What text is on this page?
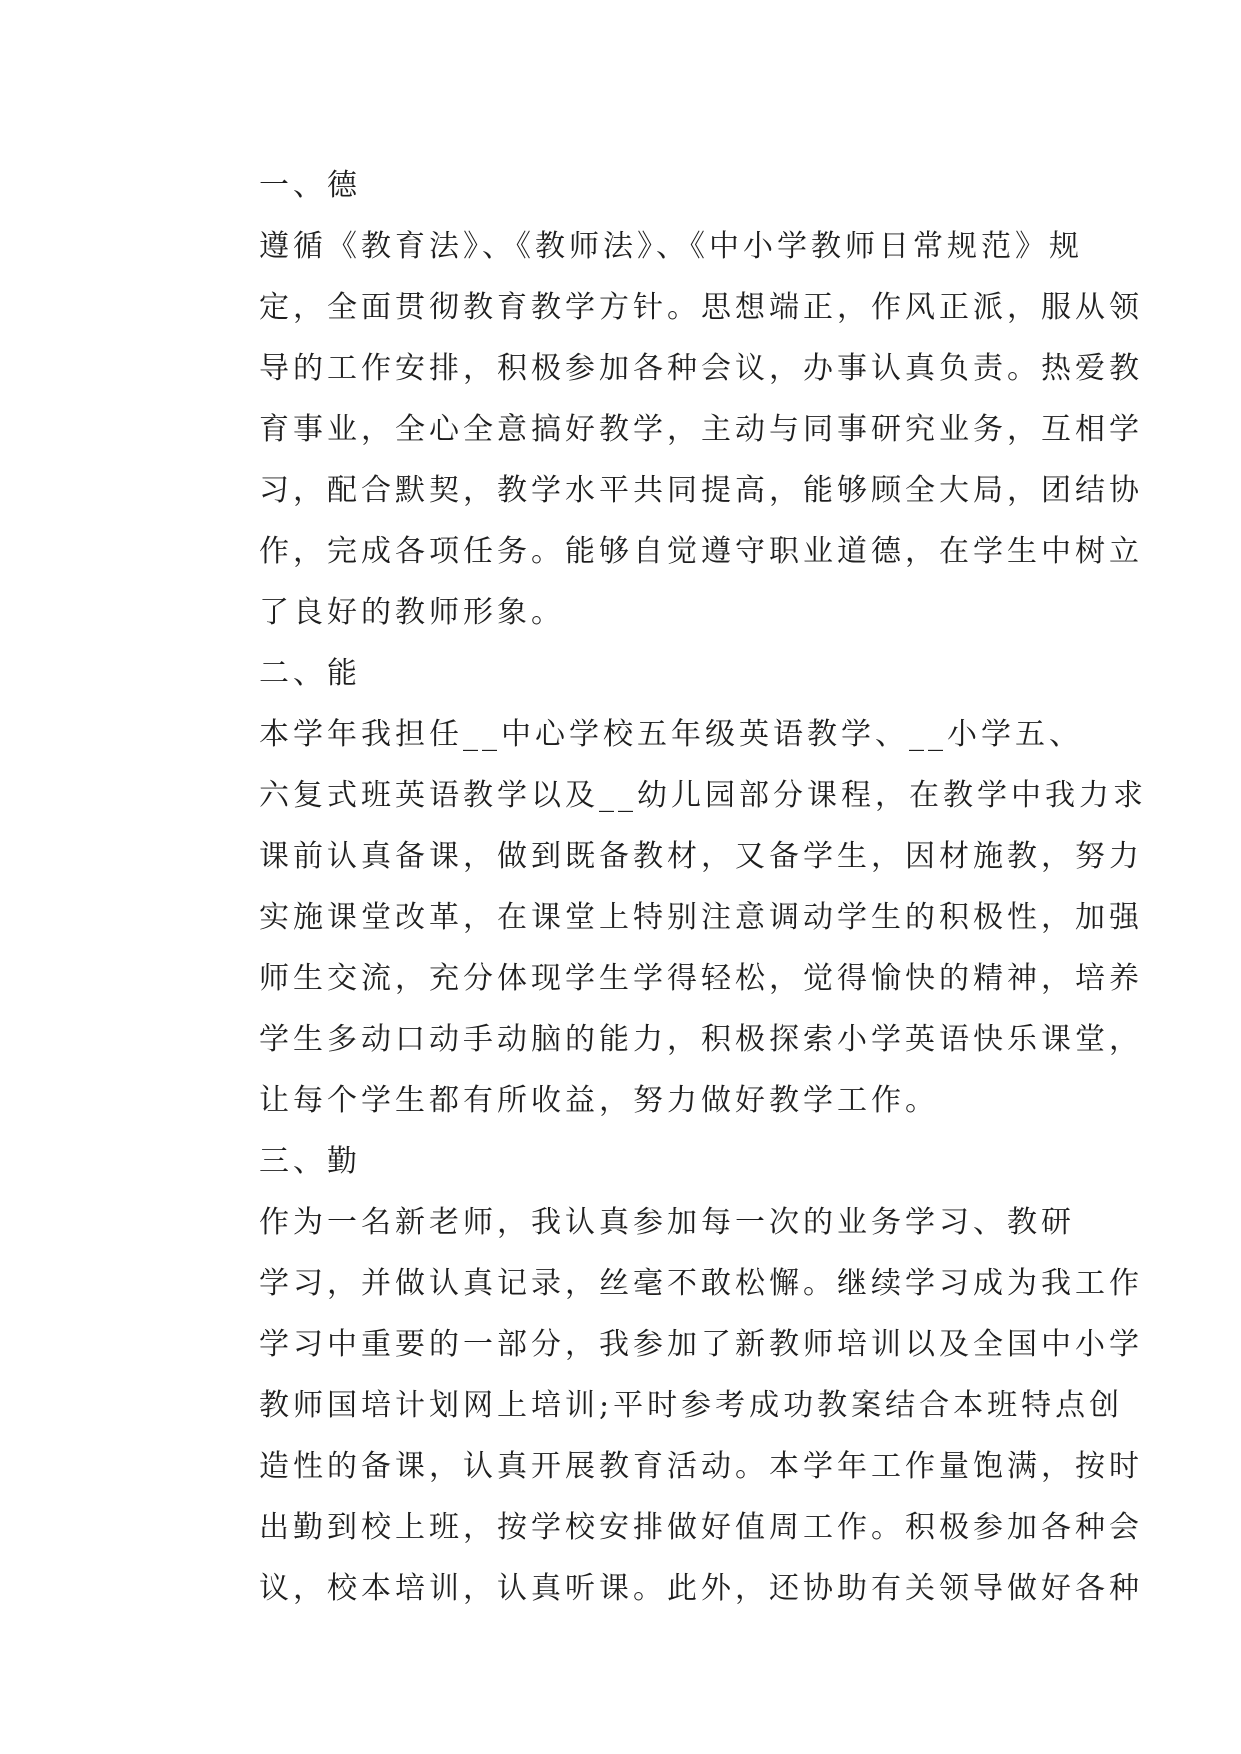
一、德
遵循《教育法》、《教师法》、《中小学教师日常规范》规
定，全面贯彻教育教学方针。思想端正，作风正派，服从领
导的工作安排，积极参加各种会议，办事认真负责。热爱教
育事业，全心全意搞好教学，主动与同事研究业务，互相学
习，配合默契，教学水平共同提高，能够顾全大局，团结协
作，完成各项任务。能够自觉遵守职业道德，在学生中树立
了良好的教师形象。
二、能
本学年我担任__中心学校五年级英语教学、__小学五、
六复式班英语教学以及__幼儿园部分课程，在教学中我力求
课前认真备课，做到既备教材，又备学生，因材施教，努力
实施课堂改革，在课堂上特别注意调动学生的积极性，加强
师生交流，充分体现学生学得轻松，觉得愉快的精神，培养
学生多动口动手动脑的能力，积极探索小学英语快乐课堂，
让每个学生都有所收益，努力做好教学工作。
三、勤
作为一名新老师，我认真参加每一次的业务学习、教研
学习，并做认真记录，丝毫不敢松懈。继续学习成为我工作
学习中重要的一部分，我参加了新教师培训以及全国中小学
教师国培计划网上培训;平时参考成功教案结合本班特点创
造性的备课，认真开展教育活动。本学年工作量饱满，按时
出勤到校上班，按学校安排做好值周工作。积极参加各种会
议，校本培训，认真听课。此外，还协助有关领导做好各种
